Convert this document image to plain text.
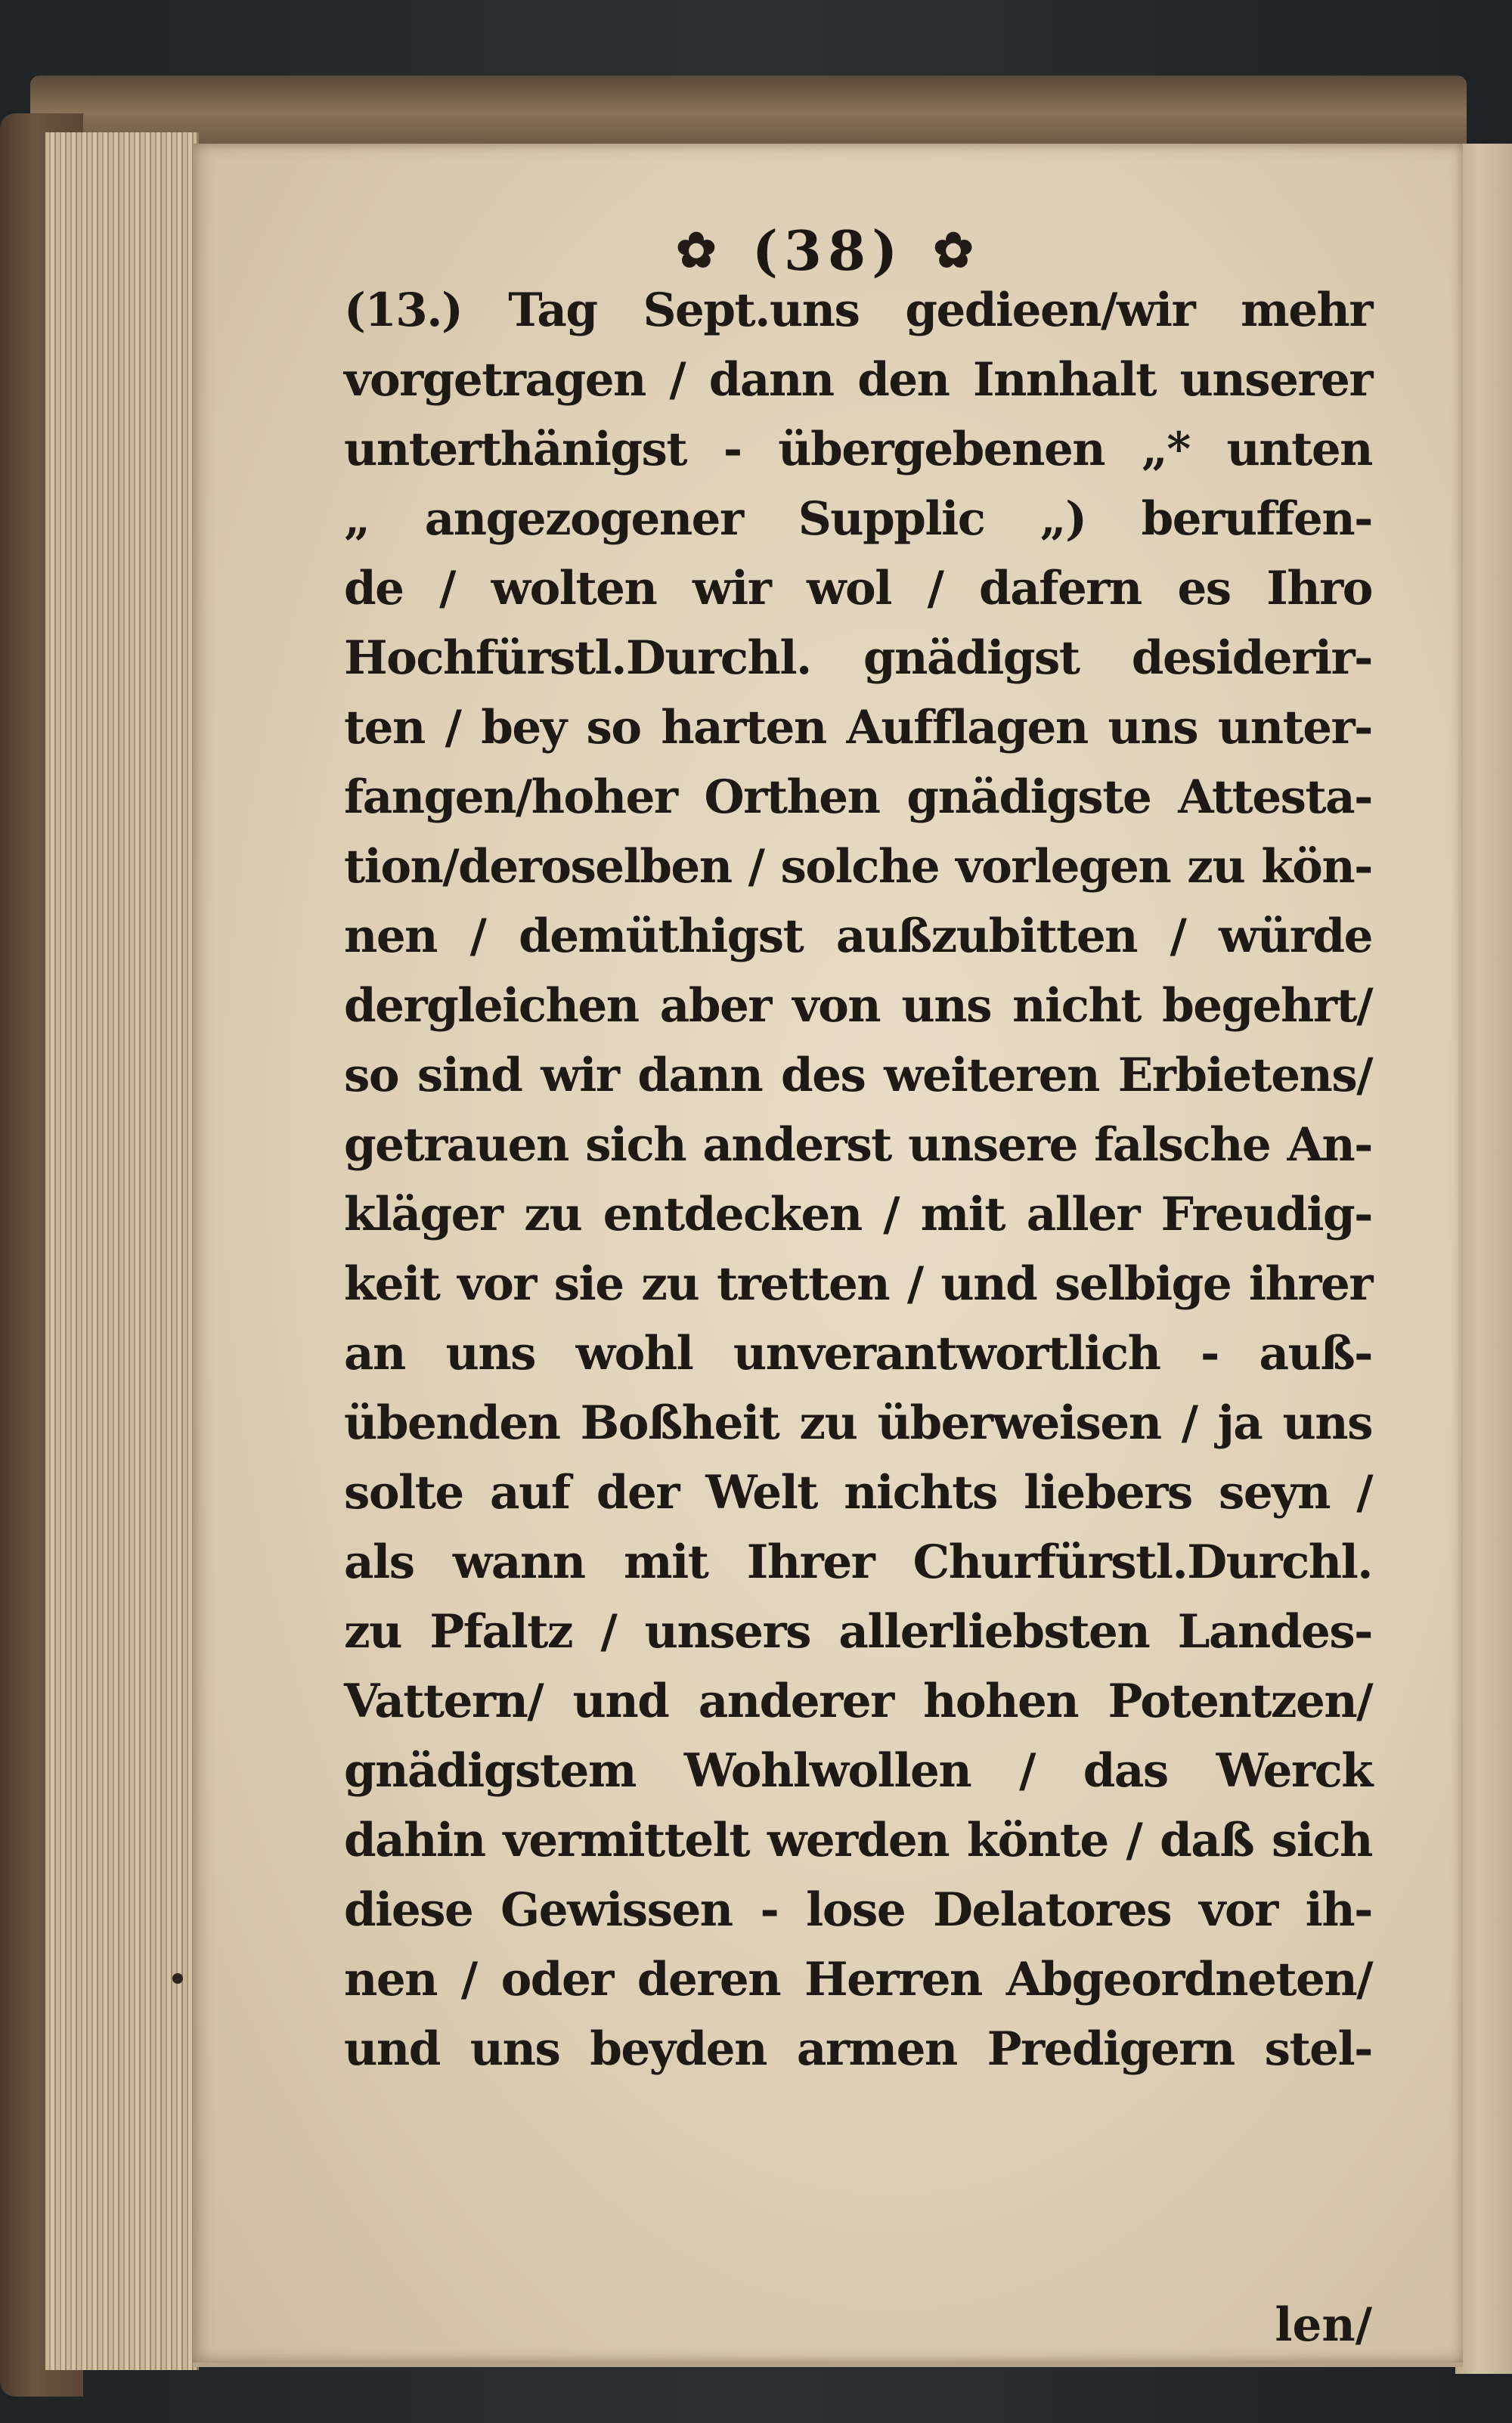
✿ (38) ✿
(13.) Tag Sept.uns gedieen/wir mehr
vorgetragen / dann den Innhalt unserer
unterthänigst - übergebenen „* unten
„ angezogener Supplic „) beruffen-
de / wolten wir wol / dafern es Ihro
Hochfürstl.Durchl. gnädigst desiderir-
ten / bey so harten Aufflagen uns unter-
fangen/hoher Orthen gnädigste Attesta-
tion/deroselben / solche vorlegen zu kön-
nen / demüthigst außzubitten / würde
dergleichen aber von uns nicht begehrt/
so sind wir dann des weiteren Erbietens/
getrauen sich anderst unsere falsche An-
kläger zu entdecken / mit aller Freudig-
keit vor sie zu tretten / und selbige ihrer
an uns wohl unverantwortlich - auß-
übenden Boßheit zu überweisen / ja uns
solte auf der Welt nichts liebers seyn /
als wann mit Ihrer Churfürstl.Durchl.
zu Pfaltz / unsers allerliebsten Landes-
Vattern/ und anderer hohen Potentzen/
gnädigstem Wohlwollen / das Werck
dahin vermittelt werden könte / daß sich
diese Gewissen - lose Delatores vor ih-
nen / oder deren Herren Abgeordneten/
und uns beyden armen Predigern stel-
len/
